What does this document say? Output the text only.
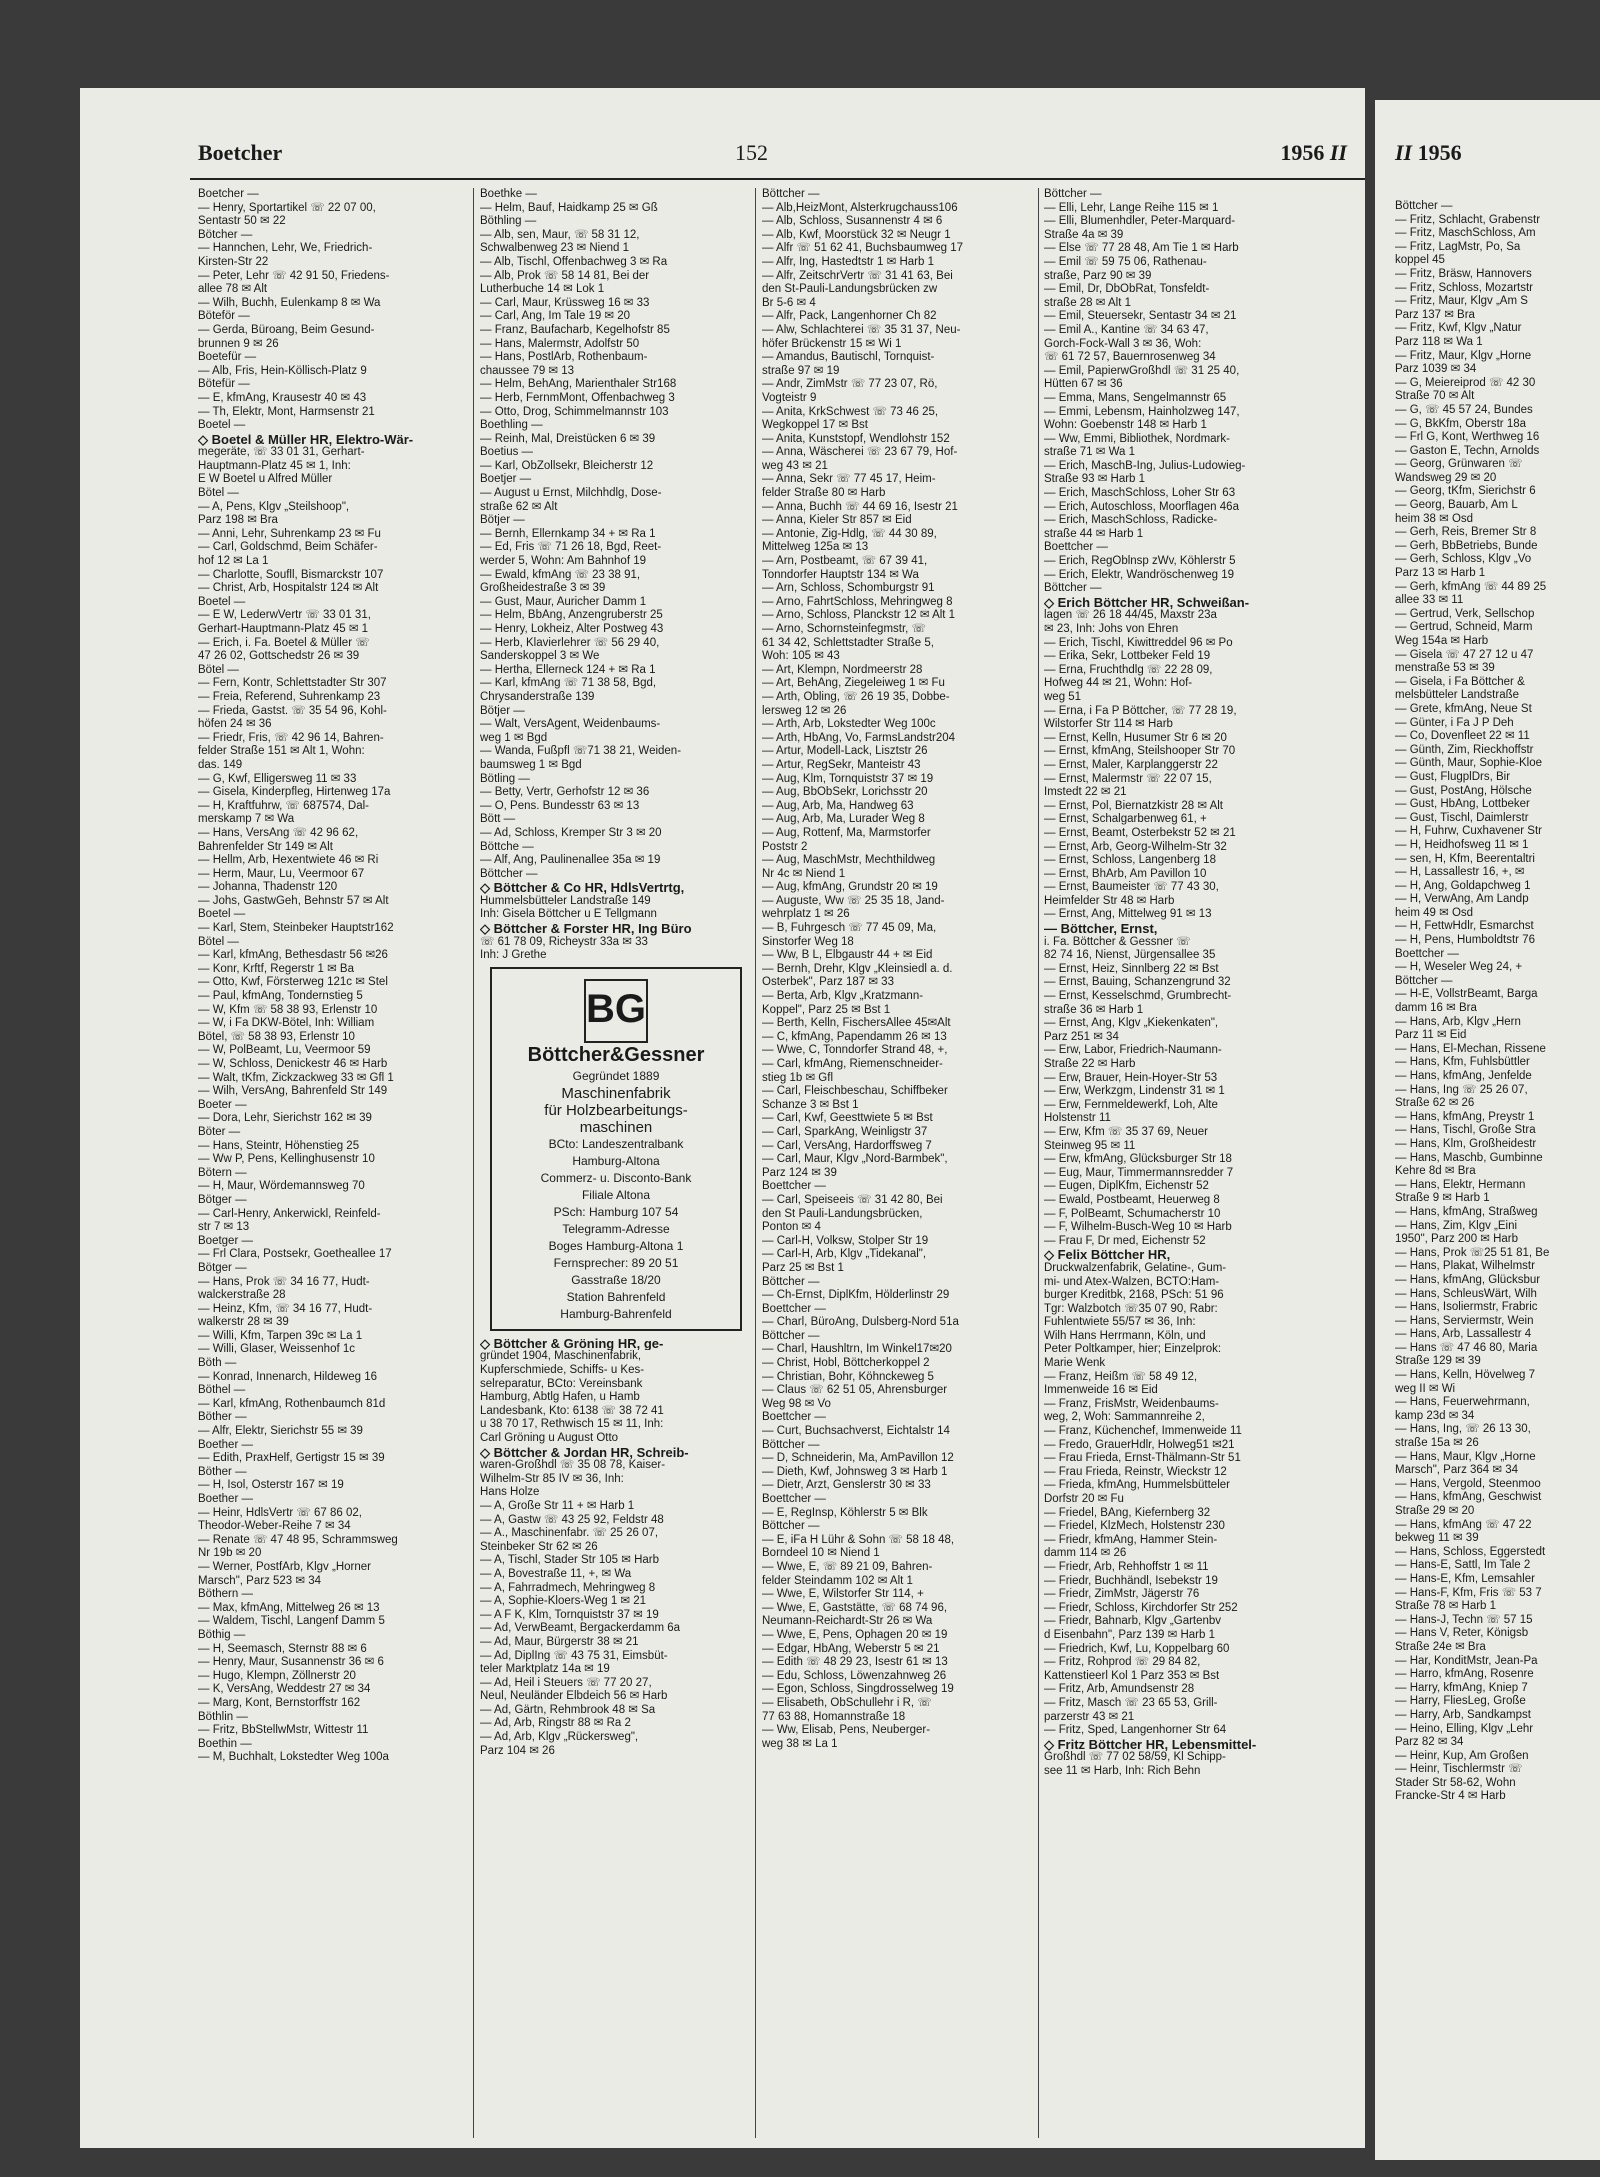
Boetcher	152	1956 II
Boetcher —
— Henry, Sportartikel ☏ 22 07 00,
Sentastr 50 ✉ 22
Bötcher —
— Hannchen, Lehr, We, Friedrich-
Kirsten-Str 22
— Peter, Lehr ☏ 42 91 50, Friedens-
allee 78 ✉ Alt
— Wilh, Buchh, Eulenkamp 8 ✉ Wa
Böteför —
— Gerda, Büroang, Beim Gesund-
brunnen 9 ✉ 26
Boetefür —
— Alb, Fris, Hein-Köllisch-Platz 9
Bötefür —
— E, kfmAng, Krausestr 40 ✉ 43
— Th, Elektr, Mont, Harmsenstr 21
Boetel —
◇ Boetel & Müller HR, Elektro-Wär-
megeräte, ☏ 33 01 31, Gerhart-
Hauptmann-Platz 45 ✉ 1, Inh:
E W Boetel u Alfred Müller
Bötel —
— A, Pens, Klgv „Steilshoop",
Parz 198 ✉ Bra
— Anni, Lehr, Suhrenkamp 23 ✉ Fu
— Carl, Goldschmd, Beim Schäfer-
hof 12 ✉ La 1
— Charlotte, Soufll, Bismarckstr 107
— Christ, Arb, Hospitalstr 124 ✉ Alt
Boetel —
— E W, LederwVertr ☏ 33 01 31,
Gerhart-Hauptmann-Platz 45 ✉ 1
— Erich, i. Fa. Boetel & Müller ☏
47 26 02, Gottschedstr 26 ✉ 39
Bötel —
— Fern, Kontr, Schlettstadter Str 307
— Freia, Referend, Suhrenkamp 23
— Frieda, Gastst. ☏ 35 54 96, Kohl-
höfen 24 ✉ 36
— Friedr, Fris, ☏ 42 96 14, Bahren-
felder Straße 151 ✉ Alt 1, Wohn:
das. 149
— G, Kwf, Elligersweg 11 ✉ 33
— Gisela, Kinderpfleg, Hirtenweg 17a
— H, Kraftfuhrw, ☏ 687574, Dal-
merskamp 7 ✉ Wa
— Hans, VersAng ☏ 42 96 62,
Bahrenfelder Str 149 ✉ Alt
— Hellm, Arb, Hexentwiete 46 ✉ Ri
— Herm, Maur, Lu, Veermoor 67
— Johanna, Thadenstr 120
— Johs, GastwGeh, Behnstr 57 ✉ Alt
Boetel —
— Karl, Stem, Steinbeker Hauptstr162
Bötel —
— Karl, kfmAng, Bethesdastr 56 ✉26
— Konr, Krftf, Regerstr 1 ✉ Ba
— Otto, Kwf, Försterweg 121c ✉ Stel
— Paul, kfmAng, Tondernstieg 5
— W, Kfm ☏ 58 38 93, Erlenstr 10
— W, i Fa DKW-Bötel, Inh: William
Bötel, ☏ 58 38 93, Erlenstr 10
— W, PolBeamt, Lu, Veermoor 59
— W, Schloss, Denickestr 46 ✉ Harb
— Walt, tKfm, Zickzackweg 33 ✉ Gfl 1
— Wilh, VersAng, Bahrenfeld Str 149
Boeter —
— Dora, Lehr, Sierichstr 162 ✉ 39
Böter —
— Hans, Steintr, Höhenstieg 25
— Ww P, Pens, Kellinghusenstr 10
Bötern —
— H, Maur, Wördemannsweg 70
Bötger —
— Carl-Henry, Ankerwickl, Reinfeld-
str 7 ✉ 13
Boetger —
— Frl Clara, Postsekr, Goetheallee 17
Bötger —
— Hans, Prok ☏ 34 16 77, Hudt-
walckerstraße 28
— Heinz, Kfm, ☏ 34 16 77, Hudt-
walkerstr 28 ✉ 39
— Willi, Kfm, Tarpen 39c ✉ La 1
— Willi, Glaser, Weissenhof 1c
Böth —
— Konrad, Innenarch, Hildeweg 16
Böthel —
— Karl, kfmAng, Rothenbaumch 81d
Böther —
— Alfr, Elektr, Sierichstr 55 ✉ 39
Boether —
— Edith, PraxHelf, Gertigstr 15 ✉ 39
Böther —
— H, Isol, Osterstr 167 ✉ 19
Boether —
— Heinr, HdlsVertr ☏ 67 86 02,
Theodor-Weber-Reihe 7 ✉ 34
— Renate ☏ 47 48 95, Schrammsweg
Nr 19b ✉ 20
— Werner, PostfArb, Klgv „Horner
Marsch", Parz 523 ✉ 34
Böthern —
— Max, kfmAng, Mittelweg 26 ✉ 13
— Waldem, Tischl, Langenf Damm 5
Böthig —
— H, Seemasch, Sternstr 88 ✉ 6
— Henry, Maur, Susannenstr 36 ✉ 6
— Hugo, Klempn, Zöllnerstr 20
— K, VersAng, Weddestr 27 ✉ 34
— Marg, Kont, Bernstorffstr 162
Böthlin —
— Fritz, BbStellwMstr, Wittestr 11
Boethin —
— M, Buchhalt, Lokstedter Weg 100a
Boethke —
— Helm, Bauf, Haidkamp 25 ✉ Gß
Böthling —
— Alb, sen, Maur, ☏ 58 31 12,
Schwalbenweg 23 ✉ Niend 1
— Alb, Tischl, Offenbachweg 3 ✉ Ra
— Alb, Prok ☏ 58 14 81, Bei der
Lutherbuche 14 ✉ Lok 1
— Carl, Maur, Krüssweg 16 ✉ 33
— Carl, Ang, Im Tale 19 ✉ 20
— Franz, Baufacharb, Kegelhofstr 85
— Hans, Malermstr, Adolfstr 50
— Hans, PostlArb, Rothenbaum-
chaussee 79 ✉ 13
— Helm, BehAng, Marienthaler Str168
— Herb, FernmMont, Offenbachweg 3
— Otto, Drog, Schimmelmannstr 103
Boethling —
— Reinh, Mal, Dreistücken 6 ✉ 39
Boetius —
— Karl, ObZollsekr, Bleicherstr 12
Boetjer —
— August u Ernst, Milchhdlg, Dose-
straße 62 ✉ Alt
Bötjer —
— Bernh, Ellernkamp 34 + ✉ Ra 1
— Ed, Fris ☏ 71 26 18, Bgd, Reet-
werder 5, Wohn: Am Bahnhof 19
— Ewald, kfmAng ☏ 23 38 91,
Großheidestraße 3 ✉ 39
— Gust, Maur, Auricher Damm 1
— Helm, BbAng, Anzengruberstr 25
— Henry, Lokheiz, Alter Postweg 43
— Herb, Klavierlehrer ☏ 56 29 40,
Sanderskoppel 3 ✉ We
— Hertha, Ellerneck 124 + ✉ Ra 1
— Karl, kfmAng ☏ 71 38 58, Bgd,
Chrysanderstraße 139
Bötjer —
— Walt, VersAgent, Weidenbaums-
weg 1 ✉ Bgd
— Wanda, Fußpfl ☏71 38 21, Weiden-
baumsweg 1 ✉ Bgd
Bötling —
— Betty, Vertr, Gerhofstr 12 ✉ 36
— O, Pens. Bundesstr 63 ✉ 13
Bött —
— Ad, Schloss, Kremper Str 3 ✉ 20
Böttche —
— Alf, Ang, Paulinenallee 35a ✉ 19
Böttcher —
◇ Böttcher & Co HR, HdlsVertrtg,
Hummelsbütteler Landstraße 149
Inh: Gisela Böttcher u E Tellgmann
◇ Böttcher & Forster HR, Ing Büro
☏ 61 78 09, Richeystr 33a ✉ 33
Inh: J Grethe
BG
Böttcher&Gessner
Gegründet 1889
Maschinenfabrik
für Holzbearbeitungs-
maschinen
BCto: Landeszentralbank
Hamburg-Altona
Commerz- u. Disconto-Bank
Filiale Altona
PSch: Hamburg 107 54
Telegramm-Adresse
Boges Hamburg-Altona 1
Fernsprecher: 89 20 51
Gasstraße 18/20
Station Bahrenfeld
Hamburg-Bahrenfeld
◇ Böttcher & Gröning HR, ge-
gründet 1904, Maschinenfabrik,
Kupferschmiede, Schiffs- u Kes-
selreparatur, BCto: Vereinsbank
Hamburg, Abtlg Hafen, u Hamb
Landesbank, Kto: 6138 ☏ 38 72 41
u 38 70 17, Rethwisch 15 ✉ 11, Inh:
Carl Gröning u August Otto
◇ Böttcher & Jordan HR, Schreib-
waren-Großhdl ☏ 35 08 78, Kaiser-
Wilhelm-Str 85 IV ✉ 36, Inh:
Hans Holze
— A, Große Str 11 + ✉ Harb 1
— A, Gastw ☏ 43 25 92, Feldstr 48
— A., Maschinenfabr. ☏ 25 26 07,
Steinbeker Str 62 ✉ 26
— A, Tischl, Stader Str 105 ✉ Harb
— A, Bovestraße 11, +, ✉ Wa
— A, Fahrradmech, Mehringweg 8
— A, Sophie-Kloers-Weg 1 ✉ 21
— A F K, Klm, Tornquiststr 37 ✉ 19
— Ad, VerwBeamt, Bergackerdamm 6a
— Ad, Maur, Bürgerstr 38 ✉ 21
— Ad, DiplIng ☏ 43 75 31, Eimsbüt-
teler Marktplatz 14a ✉ 19
— Ad, Heil i Steuers ☏ 77 20 27,
Neul, Neuländer Elbdeich 56 ✉ Harb
— Ad, Gärtn, Rehmbrook 48 ✉ Sa
— Ad, Arb, Ringstr 88 ✉ Ra 2
— Ad, Arb, Klgv „Rückersweg",
Parz 104 ✉ 26
Böttcher —
— Alb,HeizMont, Alsterkrugchauss106
— Alb, Schloss, Susannenstr 4 ✉ 6
— Alb, Kwf, Moorstück 32 ✉ Neugr 1
— Alfr ☏ 51 62 41, Buchsbaumweg 17
— Alfr, Ing, Hastedtstr 1 ✉ Harb 1
— Alfr, ZeitschrVertr ☏ 31 41 63, Bei
den St-Pauli-Landungsbrücken zw
Br 5-6 ✉ 4
— Alfr, Pack, Langenhorner Ch 82
— Alw, Schlachterei ☏ 35 31 37, Neu-
höfer Brückenstr 15 ✉ Wi 1
— Amandus, Bautischl, Tornquist-
straße 97 ✉ 19
— Andr, ZimMstr ☏ 77 23 07, Rö,
Vogteistr 9
— Anita, KrkSchwest ☏ 73 46 25,
Wegkoppel 17 ✉ Bst
— Anita, Kunststopf, Wendlohstr 152
— Anna, Wäscherei ☏ 23 67 79, Hof-
weg 43 ✉ 21
— Anna, Sekr ☏ 77 45 17, Heim-
felder Straße 80 ✉ Harb
— Anna, Buchh ☏ 44 69 16, Isestr 21
— Anna, Kieler Str 857 ✉ Eid
— Antonie, Zig-Hdlg, ☏ 44 30 89,
Mittelweg 125a ✉ 13
— Arn, Postbeamt, ☏ 67 39 41,
Tonndorfer Hauptstr 134 ✉ Wa
— Arn, Schloss, Schomburgstr 91
— Arno, FahrtSchloss, Mehringweg 8
— Arno, Schloss, Planckstr 12 ✉ Alt 1
— Arno, Schornsteinfegmstr, ☏
61 34 42, Schlettstadter Straße 5,
Woh: 105 ✉ 43
— Art, Klempn, Nordmeerstr 28
— Art, BehAng, Ziegeleiweg 1 ✉ Fu
— Arth, Obling, ☏ 26 19 35, Dobbe-
lersweg 12 ✉ 26
— Arth, Arb, Lokstedter Weg 100c
— Arth, HbAng, Vo, FarmsLandstr204
— Artur, Modell-Lack, Lisztstr 26
— Artur, RegSekr, Manteistr 43
— Aug, Klm, Tornquiststr 37 ✉ 19
— Aug, BbObSekr, Lorichsstr 20
— Aug, Arb, Ma, Handweg 63
— Aug, Arb, Ma, Lurader Weg 8
— Aug, Rottenf, Ma, Marmstorfer
Poststr 2
— Aug, MaschMstr, Mechthildweg
Nr 4c ✉ Niend 1
— Aug, kfmAng, Grundstr 20 ✉ 19
— Auguste, Ww ☏ 25 35 18, Jand-
wehrplatz 1 ✉ 26
— B, Fuhrgesch ☏ 77 45 09, Ma,
Sinstorfer Weg 18
— Ww, B L, Elbgaustr 44 + ✉ Eid
— Bernh, Drehr, Klgv „Kleinsiedl a. d.
Osterbek", Parz 187 ✉ 33
— Berta, Arb, Klgv „Kratzmann-
Koppel", Parz 25 ✉ Bst 1
— Berth, Kelln, FischersAllee 45✉Alt
— C, kfmAng, Papendamm 26 ✉ 13
— Wwe, C, Tonndorfer Strand 48, +,
— Carl, kfmAng, Riemenschneider-
stieg 1b ✉ Gfl
— Carl, Fleischbeschau, Schiffbeker
Schanze 3 ✉ Bst 1
— Carl, Kwf, Geesttwiete 5 ✉ Bst
— Carl, SparkAng, Weinligstr 37
— Carl, VersAng, Hardorffsweg 7
— Carl, Maur, Klgv „Nord-Barmbek",
Parz 124 ✉ 39
Boettcher —
— Carl, Speiseeis ☏ 31 42 80, Bei
den St Pauli-Landungsbrücken,
Ponton ✉ 4
— Carl-H, Volksw, Stolper Str 19
— Carl-H, Arb, Klgv „Tidekanal",
Parz 25 ✉ Bst 1
Böttcher —
— Ch-Ernst, DiplKfm, Hölderlinstr 29
Boettcher —
— Charl, BüroAng, Dulsberg-Nord 51a
Böttcher —
— Charl, Haushltrn, Im Winkel17✉20
— Christ, Hobl, Böttcherkoppel 2
— Christian, Bohr, Köhnckeweg 5
— Claus ☏ 62 51 05, Ahrensburger
Weg 98 ✉ Vo
Boettcher —
— Curt, Buchsachverst, Eichtalstr 14
Böttcher —
— D, Schneiderin, Ma, AmPavillon 12
— Dieth, Kwf, Johnsweg 3 ✉ Harb 1
— Dietr, Arzt, Genslerstr 30 ✉ 33
Boettcher —
— E, RegInsp, Köhlerstr 5 ✉ Blk
Böttcher —
— E, iFa H Lühr & Sohn ☏ 58 18 48,
Borndeel 10 ✉ Niend 1
— Wwe, E, ☏ 89 21 09, Bahren-
felder Steindamm 102 ✉ Alt 1
— Wwe, E, Wilstorfer Str 114, +
— Wwe, E, Gaststätte, ☏ 68 74 96,
Neumann-Reichardt-Str 26 ✉ Wa
— Wwe, E, Pens, Ophagen 20 ✉ 19
— Edgar, HbAng, Weberstr 5 ✉ 21
— Edith ☏ 48 29 23, Isestr 61 ✉ 13
— Edu, Schloss, Löwenzahnweg 26
— Egon, Schloss, Singdrosselweg 19
— Elisabeth, ObSchullehr i R, ☏
77 63 88, Homannstraße 18
— Ww, Elisab, Pens, Neuberger-
weg 38 ✉ La 1
Böttcher —
— Elli, Lehr, Lange Reihe 115 ✉ 1
— Elli, Blumenhdler, Peter-Marquard-
Straße 4a ✉ 39
— Else ☏ 77 28 48, Am Tie 1 ✉ Harb
— Emil ☏ 59 75 06, Rathenau-
straße, Parz 90 ✉ 39
— Emil, Dr, DbObRat, Tonsfeldt-
straße 28 ✉ Alt 1
— Emil, Steuersekr, Sentastr 34 ✉ 21
— Emil A., Kantine ☏ 34 63 47,
Gorch-Fock-Wall 3 ✉ 36, Woh:
☏ 61 72 57, Bauernrosenweg 34
— Emil, PapierwGroßhdl ☏ 31 25 40,
Hütten 67 ✉ 36
— Emma, Mans, Sengelmannstr 65
— Emmi, Lebensm, Hainholzweg 147,
Wohn: Goebenstr 148 ✉ Harb 1
— Ww, Emmi, Bibliothek, Nordmark-
straße 71 ✉ Wa 1
— Erich, MaschB-Ing, Julius-Ludowieg-
Straße 93 ✉ Harb 1
— Erich, MaschSchloss, Loher Str 63
— Erich, Autoschloss, Moorflagen 46a
— Erich, MaschSchloss, Radicke-
straße 44 ✉ Harb 1
Boettcher —
— Erich, RegOblnsp zWv, Köhlerstr 5
— Erich, Elektr, Wandröschenweg 19
Böttcher —
◇ Erich Böttcher HR, Schweißan-
lagen ☏ 26 18 44/45, Maxstr 23a
✉ 23, Inh: Johs von Ehren
— Erich, Tischl, Kiwittreddel 96 ✉ Po
— Erika, Sekr, Lottbeker Feld 19
— Erna, Fruchthdlg ☏ 22 28 09,
Hofweg 44 ✉ 21, Wohn: Hof-
weg 51
— Erna, i Fa P Böttcher, ☏ 77 28 19,
Wilstorfer Str 114 ✉ Harb
— Ernst, Kelln, Husumer Str 6 ✉ 20
— Ernst, kfmAng, Steilshooper Str 70
— Ernst, Maler, Karplanggerstr 22
— Ernst, Malermstr ☏ 22 07 15,
Imstedt 22 ✉ 21
— Ernst, Pol, Biernatzkistr 28 ✉ Alt
— Ernst, Schalgarbenweg 61, +
— Ernst, Beamt, Osterbekstr 52 ✉ 21
— Ernst, Arb, Georg-Wilhelm-Str 32
— Ernst, Schloss, Langenberg 18
— Ernst, BhArb, Am Pavillon 10
— Ernst, Baumeister ☏ 77 43 30,
Heimfelder Str 48 ✉ Harb
— Ernst, Ang, Mittelweg 91 ✉ 13
— Böttcher, Ernst,
i. Fa. Böttcher & Gessner ☏
82 74 16, Nienst, Jürgensallee 35
— Ernst, Heiz, Sinnlberg 22 ✉ Bst
— Ernst, Bauing, Schanzengrund 32
— Ernst, Kesselschmd, Grumbrecht-
straße 36 ✉ Harb 1
— Ernst, Ang, Klgv „Kiekenkaten",
Parz 251 ✉ 34
— Erw, Labor, Friedrich-Naumann-
Straße 22 ✉ Harb
— Erw, Brauer, Hein-Hoyer-Str 53
— Erw, Werkzgm, Lindenstr 31 ✉ 1
— Erw, Fernmeldewerkf, Loh, Alte
Holstenstr 11
— Erw, Kfm ☏ 35 37 69, Neuer
Steinweg 95 ✉ 11
— Erw, kfmAng, Glücksburger Str 18
— Eug, Maur, Timmermannsredder 7
— Eugen, DiplKfm, Eichenstr 52
— Ewald, Postbeamt, Heuerweg 8
— F, PolBeamt, Schumacherstr 10
— F, Wilhelm-Busch-Weg 10 ✉ Harb
— Frau F, Dr med, Eichenstr 52
◇ Felix Böttcher HR,
Druckwalzenfabrik, Gelatine-, Gum-
mi- und Atex-Walzen, BCTO:Ham-
burger Kreditbk, 2168, PSch: 51 96
Tgr: Walzbotch ☏35 07 90, Rabr:
Fuhlentwiete 55/57 ✉ 36, Inh:
Wilh Hans Herrmann, Köln, und
Peter Poltkamper, hier; Einzelprok:
Marie Wenk
— Franz, Heißm ☏ 58 49 12,
Immenweide 16 ✉ Eid
— Franz, FrisMstr, Weidenbaums-
weg, 2, Woh: Sammannreihe 2,
— Franz, Küchenchef, Immenweide 11
— Fredo, GrauerHdlr, Holweg51 ✉21
— Frau Frieda, Ernst-Thälmann-Str 51
— Frau Frieda, Reinstr, Wieckstr 12
— Frieda, kfmAng, Hummelsbütteler
Dorfstr 20 ✉ Fu
— Friedel, BAng, Kiefernberg 32
— Friedel, KlzMech, Holstenstr 230
— Friedr, kfmAng, Hammer Stein-
damm 114 ✉ 26
— Friedr, Arb, Rehhoffstr 1 ✉ 11
— Friedr, Buchhändl, Isebekstr 19
— Friedr, ZimMstr, Jägerstr 76
— Friedr, Schloss, Kirchdorfer Str 252
— Friedr, Bahnarb, Klgv „Gartenbv
d Eisenbahn", Parz 139 ✉ Harb 1
— Friedrich, Kwf, Lu, Koppelbarg 60
— Fritz, Rohprod ☏ 29 84 82,
Kattenstieerl Kol 1 Parz 353 ✉ Bst
— Fritz, Arb, Amundsenstr 28
— Fritz, Masch ☏ 23 65 53, Grill-
parzerstr 43 ✉ 21
— Fritz, Sped, Langenhorner Str 64
◇ Fritz Böttcher HR, Lebensmittel-
Großhdl ☏ 77 02 58/59, Kl Schipp-
see 11 ✉ Harb, Inh: Rich Behn
II 1956
Böttcher —
— Fritz, Schlacht, Grabenstr
— Fritz, MaschSchloss, Am
— Fritz, LagMstr, Po, Sa
koppel 45
— Fritz, Bräsw, Hannovers
— Fritz, Schloss, Mozartstr
— Fritz, Maur, Klgv „Am S
Parz 137 ✉ Bra
— Fritz, Kwf, Klgv „Natur
Parz 118 ✉ Wa 1
— Fritz, Maur, Klgv „Horne
Parz 1039 ✉ 34
— G, Meiereiprod ☏ 42 30
Straße 70 ✉ Alt
— G, ☏ 45 57 24, Bundes
— G, BkKfm, Oberstr 18a
— Frl G, Kont, Werthweg 16
— Gaston E, Techn, Arnolds
— Georg, Grünwaren ☏
Wandsweg 29 ✉ 20
— Georg, tKfm, Sierichstr 6
— Georg, Bauarb, Am L
heim 38 ✉ Osd
— Gerh, Reis, Bremer Str 8
— Gerh, BbBetriebs, Bunde
— Gerh, Schloss, Klgv „Vo
Parz 13 ✉ Harb 1
— Gerh, kfmAng ☏ 44 89 25
allee 33 ✉ 11
— Gertrud, Verk, Sellschop
— Gertrud, Schneid, Marm
Weg 154a ✉ Harb
— Gisela ☏ 47 27 12 u 47
menstraße 53 ✉ 39
— Gisela, i Fa Böttcher &
melsbütteler Landstraße
— Grete, kfmAng, Neue St
— Günter, i Fa J P Deh
— Co, Dovenfleet 22 ✉ 11
— Günth, Zim, Rieckhoffstr
— Günth, Maur, Sophie-Kloe
— Gust, FlugplDrs, Bir
— Gust, PostAng, Hölsche
— Gust, HbAng, Lottbeker
— Gust, Tischl, Daimlerstr
— H, Fuhrw, Cuxhavener Str
— H, Heidhofsweg 11 ✉ 1
— sen, H, Kfm, Beerentaltri
— H, Lassallestr 16, +, ✉
— H, Ang, Goldapchweg 1
— H, VerwAng, Am Landp
heim 49 ✉ Osd
— H, FettwHdlr, Esmarchst
— H, Pens, Humboldtstr 76
Boettcher —
— H, Weseler Weg 24, +
Böttcher —
— H-E, VollstrBeamt, Barga
damm 16 ✉ Bra
— Hans, Arb, Klgv „Hern
Parz 11 ✉ Eid
— Hans, El-Mechan, Rissene
— Hans, Kfm, Fuhlsbüttler
— Hans, kfmAng, Jenfelde
— Hans, Ing ☏ 25 26 07,
Straße 62 ✉ 26
— Hans, kfmAng, Preystr 1
— Hans, Tischl, Große Stra
— Hans, Klm, Großheidestr
— Hans, Maschb, Gumbinne
Kehre 8d ✉ Bra
— Hans, Elektr, Hermann
Straße 9 ✉ Harb 1
— Hans, kfmAng, Straßweg
— Hans, Zim, Klgv „Eini
1950", Parz 200 ✉ Harb
— Hans, Prok ☏25 51 81, Be
— Hans, Plakat, Wilhelmstr
— Hans, kfmAng, Glücksbur
— Hans, SchleusWärt, Wilh
— Hans, Isoliermstr, Frabric
— Hans, Serviermstr, Wein
— Hans, Arb, Lassallestr 4
— Hans ☏ 47 46 80, Maria
Straße 129 ✉ 39
— Hans, Kelln, Hövelweg 7
weg II ✉ Wi
— Hans, Feuerwehrmann,
kamp 23d ✉ 34
— Hans, Ing, ☏ 26 13 30,
straße 15a ✉ 26
— Hans, Maur, Klgv „Horne
Marsch", Parz 364 ✉ 34
— Hans, Vergold, Steenmoo
— Hans, kfmAng, Geschwist
Straße 29 ✉ 20
— Hans, kfmAng ☏ 47 22
bekweg 11 ✉ 39
— Hans, Schloss, Eggerstedt
— Hans-E, Sattl, Im Tale 2
— Hans-E, Kfm, Lemsahler
— Hans-F, Kfm, Fris ☏ 53 7
Straße 78 ✉ Harb 1
— Hans-J, Techn ☏ 57 15
— Hans V, Reter, Königsb
Straße 24e ✉ Bra
— Har, KonditMstr, Jean-Pa
— Harro, kfmAng, Rosenre
— Harry, kfmAng, Kniep 7
— Harry, FliesLeg, Große
— Harry, Arb, Sandkampst
— Heino, Elling, Klgv „Lehr
Parz 82 ✉ 34
— Heinr, Kup, Am Großen
— Heinr, Tischlermstr ☏
Stader Str 58-62, Wohn
Francke-Str 4 ✉ Harb
